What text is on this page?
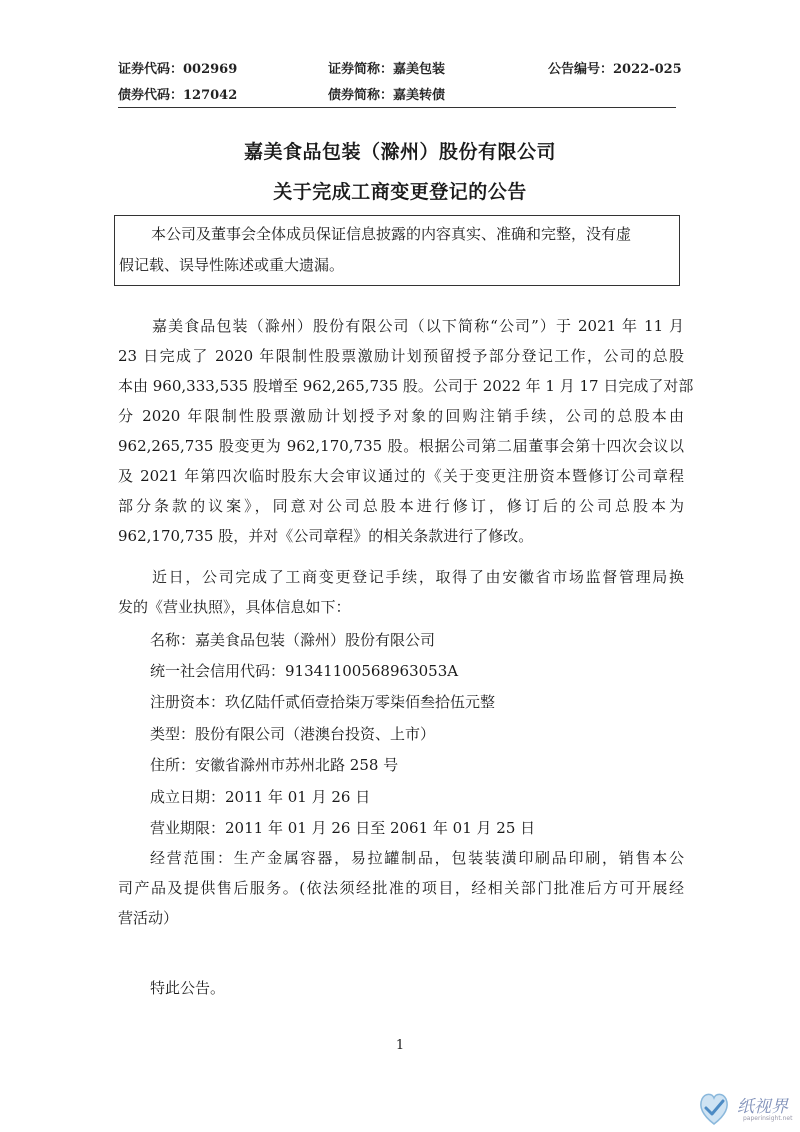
证券代码：002969	证券简称：嘉美包装	公告编号：2022-025
债券代码：127042	债券简称：嘉美转债
嘉美食品包装（滁州）股份有限公司
关于完成工商变更登记的公告
本公司及董事会全体成员保证信息披露的内容真实、准确和完整，没有虚
假记载、误导性陈述或重大遗漏。
嘉美食品包装（滁州）股份有限公司（以下简称“公司”）于 2021 年 11 月
23 日完成了 2020 年限制性股票激励计划预留授予部分登记工作，公司的总股
本由 960,333,535 股增至 962,265,735 股。公司于 2022 年 1 月 17 日完成了对部
分 2020 年限制性股票激励计划授予对象的回购注销手续，公司的总股本由
962,265,735 股变更为 962,170,735 股。根据公司第二届董事会第十四次会议以
及 2021 年第四次临时股东大会审议通过的《关于变更注册资本暨修订公司章程
部分条款的议案》，同意对公司总股本进行修订，修订后的公司总股本为
962,170,735 股，并对《公司章程》的相关条款进行了修改。
近日，公司完成了工商变更登记手续，取得了由安徽省市场监督管理局换
发的《营业执照》，具体信息如下：
名称：嘉美食品包装（滁州）股份有限公司
统一社会信用代码：91341100568963053A
注册资本：玖亿陆仟贰佰壹拾柒万零柒佰叁拾伍元整
类型：股份有限公司（港澳台投资、上市）
住所：安徽省滁州市苏州北路 258 号
成立日期：2011 年 01 月 26 日
营业期限：2011 年 01 月 26 日至 2061 年 01 月 25 日
经营范围：生产金属容器，易拉罐制品，包装装潢印刷品印刷，销售本公
司产品及提供售后服务。(依法须经批准的项目，经相关部门批准后方可开展经
营活动）
特此公告。
1
纸视界
paperinsight.net
